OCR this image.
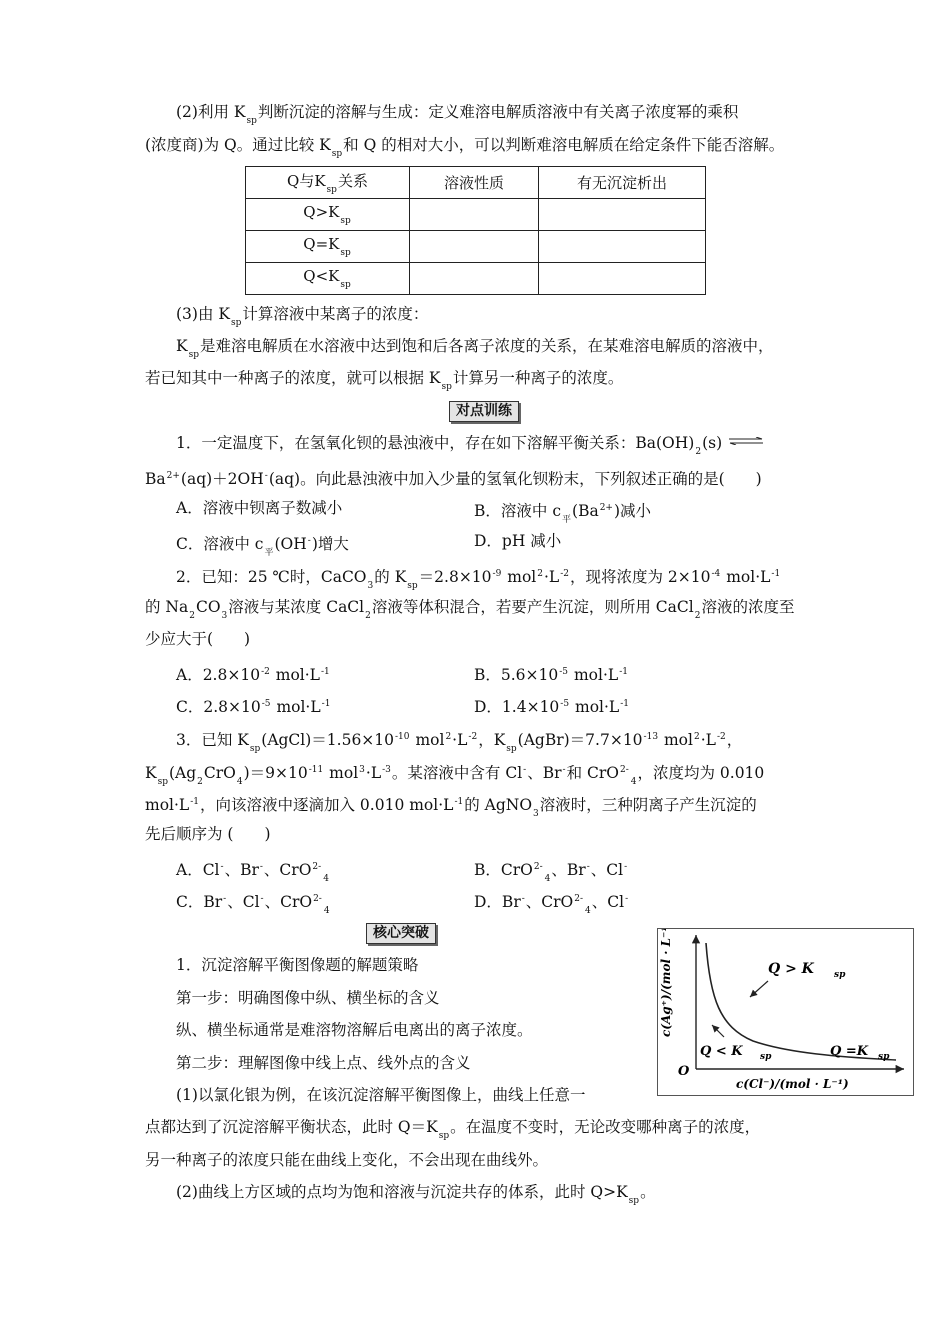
(2)利用 $K_{sp}$判断沉淀的溶解与生成：定义难溶电解质溶液中有关离子浓度幂的乘积
(浓度商)为 Q。通过比较 $K_{sp}$和 Q 的相对大小，可以判断难溶电解质在给定条件下能否溶解。
Q与$K_{sp}$关系	溶液性质	有无沉淀析出
$Q>K_{sp}$		
$Q=K_{sp}$		
$Q<K_{sp}$		
(3)由 $K_{sp}$计算溶液中某离子的浓度：
$K_{sp}$是难溶电解质在水溶液中达到饱和后各离子浓度的关系，在某难溶电解质的溶液中，
若已知其中一种离子的浓度，就可以根据 $K_{sp}$计算另一种离子的浓度。
对点训练
1．一定温度下，在氢氧化钡的悬浊液中，存在如下溶解平衡关系：$Ba(OH)_2(s)$ ⇌
$Ba^{2+}(aq)+2OH^-(aq)$。向此悬浊液中加入少量的氢氧化钡粉末，下列叙述正确的是(　　)
A．溶液中钡离子数减小	B．溶液中 $c_平(Ba^{2+})$减小
C．溶液中 $c_平(OH^-)$增大	D．pH 减小
2．已知：25 ℃时，CaCO$_3$的 $K_{sp}=2.8\times 10^{-9}$ $mol^2\cdot L^{-2}$，现将浓度为 $2\times 10^{-4}$ $mol\cdot L^{-1}$
的 $Na_2CO_3$溶液与某浓度 CaCl$_2$溶液等体积混合，若要产生沉淀，则所用 CaCl$_2$溶液的浓度至
少应大于(　　)
A．$2.8\times 10^{-2}$ $mol\cdot L^{-1}$	B．$5.6\times 10^{-5}$ $mol\cdot L^{-1}$
C．$2.8\times 10^{-5}$ $mol\cdot L^{-1}$	D．$1.4\times 10^{-5}$ $mol\cdot L^{-1}$
3．已知 $K_{sp}(AgCl)=1.56\times 10^{-10}$ $mol^2\cdot L^{-2}$，$K_{sp}(AgBr)=7.7\times 10^{-13}$ $mol^2\cdot L^{-2}$，
$K_{sp}(Ag_2CrO_4)=9\times 10^{-11}$ $mol^3\cdot L^{-3}$。某溶液中含有 Cl-、Br-和 CrO$^{2-}_4$，浓度均为 0.010
$mol\cdot L^{-1}$，向该溶液中逐滴加入 0.010 $mol\cdot L^{-1}$的 AgNO$_3$溶液时，三种阴离子产生沉淀的
先后顺序为 (　　)
A．Cl-、Br-、CrO$^{2-}_4$	B．CrO$^{2-}_4$、Br-、Cl-
C．Br-、Cl-、CrO$^{2-}_4$	D．Br-、CrO$^{2-}_4$、Cl-
核心突破
1．沉淀溶解平衡图像题的解题策略
第一步：明确图像中纵、横坐标的含义
纵、横坐标通常是难溶物溶解后电离出的离子浓度。
第二步：理解图像中线上点、线外点的含义
(1)以氯化银为例，在该沉淀溶解平衡图像上，曲线上任意一
点都达到了沉淀溶解平衡状态，此时 $Q=K_{sp}$。在温度不变时，无论改变哪种离子的浓度，
另一种离子的浓度只能在曲线上变化，不会出现在曲线外。
(2)曲线上方区域的点均为饱和溶液与沉淀共存的体系，此时 $Q>K_{sp}$。
c(Ag⁺)/(mol · L⁻¹)
c(Cl⁻)/(mol · L⁻¹)
O
Q > K sp
Q < K sp	Q =K sp
